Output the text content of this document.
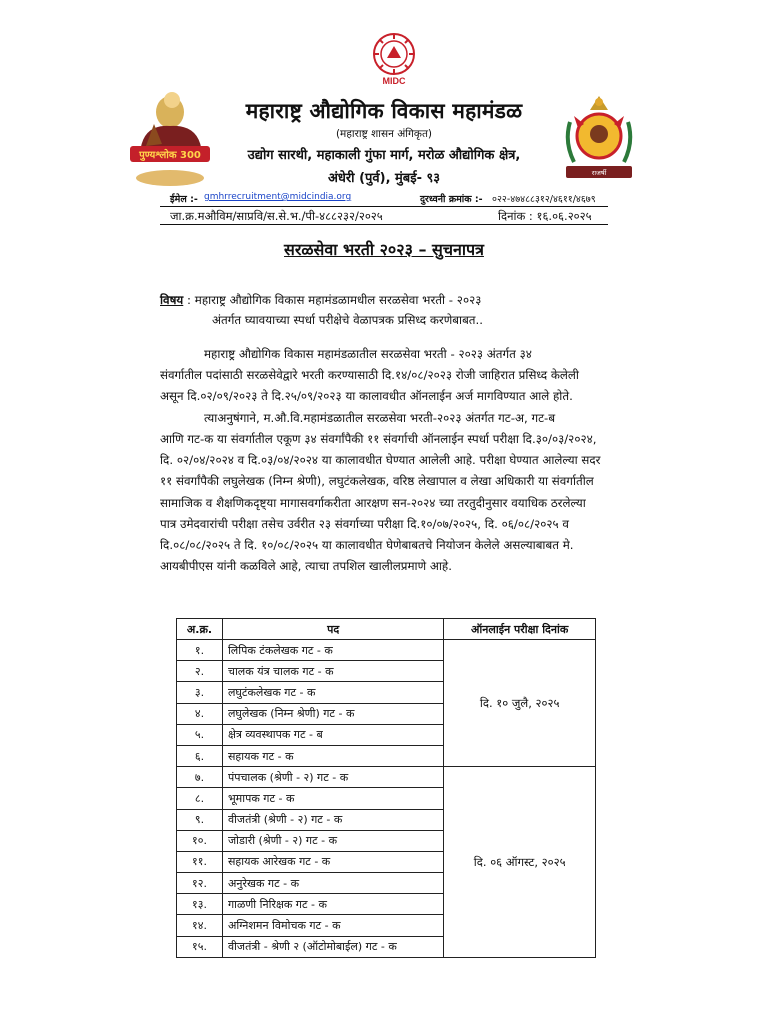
MIDC
पुण्यश्लोक 300
राजर्षी
महाराष्ट्र औद्योगिक विकास महामंडळ
(महाराष्ट्र शासन अंगिकृत)
उद्योग सारथी, महाकाली गुंफा मार्ग, मरोळ औद्योगिक क्षेत्र,
अंधेरी (पुर्व), मुंबई- ९३
ईमेल :- gmhrrecruitment@midcindia.org	दुरध्वनी क्रमांक :- ०२२-४७४८८३१२/४६११/४६७९
जा.क्र.मऔविम/साप्रवि/स.से.भ./पी-४८८२३२/२०२५	दिनांक : १६.०६.२०२५
सरळसेवा भरती २०२३ – सुचनापत्र
विषय : महाराष्ट्र औद्योगिक विकास महामंडळामधील सरळसेवा भरती - २०२३
अंतर्गत घ्यावयाच्या स्पर्धा परीक्षेचे वेळापत्रक प्रसिध्द करणेबाबत..
महाराष्ट्र औद्योगिक विकास महामंडळातील सरळसेवा भरती - २०२३ अंतर्गत ३४
संवर्गातील पदांसाठी सरळसेवेद्वारे भरती करण्यासाठी दि.१४/०८/२०२३ रोजी जाहिरात प्रसिध्द केलेली
असून दि.०२/०९/२०२३ ते दि.२५/०९/२०२३ या कालावधीत ऑनलाईन अर्ज मागविण्यात आले होते.
त्याअनुषंगाने, म.औ.वि.महामंडळातील सरळसेवा भरती-२०२३ अंतर्गत गट-अ, गट-ब
आणि गट-क या संवर्गातील एकूण ३४ संवर्गांपैकी ११ संवर्गाची ऑनलाईन स्पर्धा परीक्षा दि.३०/०३/२०२४,
दि. ०२/०४/२०२४ व दि.०३/०४/२०२४ या कालावधीत घेण्यात आलेली आहे. परीक्षा घेण्यात आलेल्या सदर
११ संवर्गांपैकी लघुलेखक (निम्न श्रेणी), लघुटंकलेखक, वरिष्ठ लेखापाल व लेखा अधिकारी या संवर्गातील
सामाजिक व शैक्षणिकदृष्ट्या मागासवर्गाकरीता आरक्षण सन-२०२४ च्या तरतुदीनुसार वयाधिक ठरलेल्या
पात्र उमेदवारांची परीक्षा तसेच उर्वरीत २३ संवर्गाच्या परीक्षा दि.१०/०७/२०२५, दि. ०६/०८/२०२५ व
दि.०८/०८/२०२५ ते दि. १०/०८/२०२५ या कालावधीत घेणेबाबतचे नियोजन केलेले असल्याबाबत मे.
आयबीपीएस यांनी कळविले आहे, त्याचा तपशिल खालीलप्रमाणे आहे.
अ.क्र.	पद	ऑनलाईन परीक्षा दिनांक
१.	लिपिक टंकलेखक गट - क	दि. १० जुलै, २०२५
२.	चालक यंत्र चालक गट - क	
३.	लघुटंकलेखक गट - क	
४.	लघुलेखक (निम्न श्रेणी) गट - क	
५.	क्षेत्र व्यवस्थापक गट - ब	
६.	सहायक गट - क	
७.	पंपचालक (श्रेणी - २) गट - क	दि. ०६ ऑगस्ट, २०२५
८.	भूमापक गट - क	
९.	वीजतंत्री (श्रेणी - २) गट - क	
१०.	जोडारी (श्रेणी - २) गट - क	
११.	सहायक आरेखक गट - क	
१२.	अनुरेखक गट - क	
१३.	गाळणी निरिक्षक गट - क	
१४.	अग्निशमन विमोचक गट - क	
१५.	वीजतंत्री - श्रेणी २ (ऑटोमोबाईल) गट - क	
